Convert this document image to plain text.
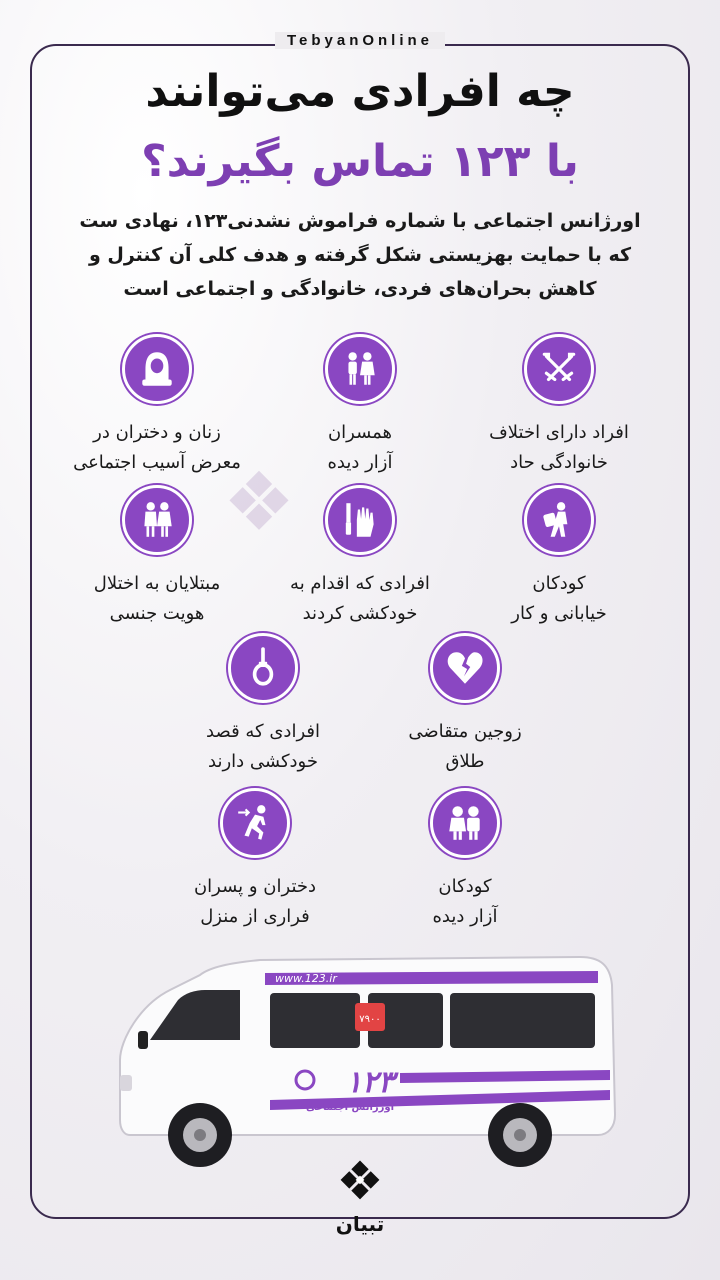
TebyanOnline
چه افرادی می‌توانند
با ۱۲۳ تماس بگیرند؟
اورژانس اجتماعی با شماره فراموش نشدنی۱۲۳، نهادی ست
که با حمایت بهزیستی شکل گرفته و هدف کلی آن کنترل و
کاهش بحران‌های فردی، خانوادگی و اجتماعی است
افراد دارای اختلاف
خانوادگی حاد
همسران
آزار دیده
زنان و دختران در
معرض آسیب اجتماعی
کودکان
خیابانی و کار
افرادی که اقدام به
خودکشی کردند
مبتلایان به اختلال
هویت جنسی
زوجین متقاضی
طلاق
افرادی که قصد
خودکشی دارند
کودکان
آزار دیده
دختران و پسران
فراری از منزل
www.123.ir
۷۹۰۰
۱۲۳
اورژانس اجتماعی
تبیان
